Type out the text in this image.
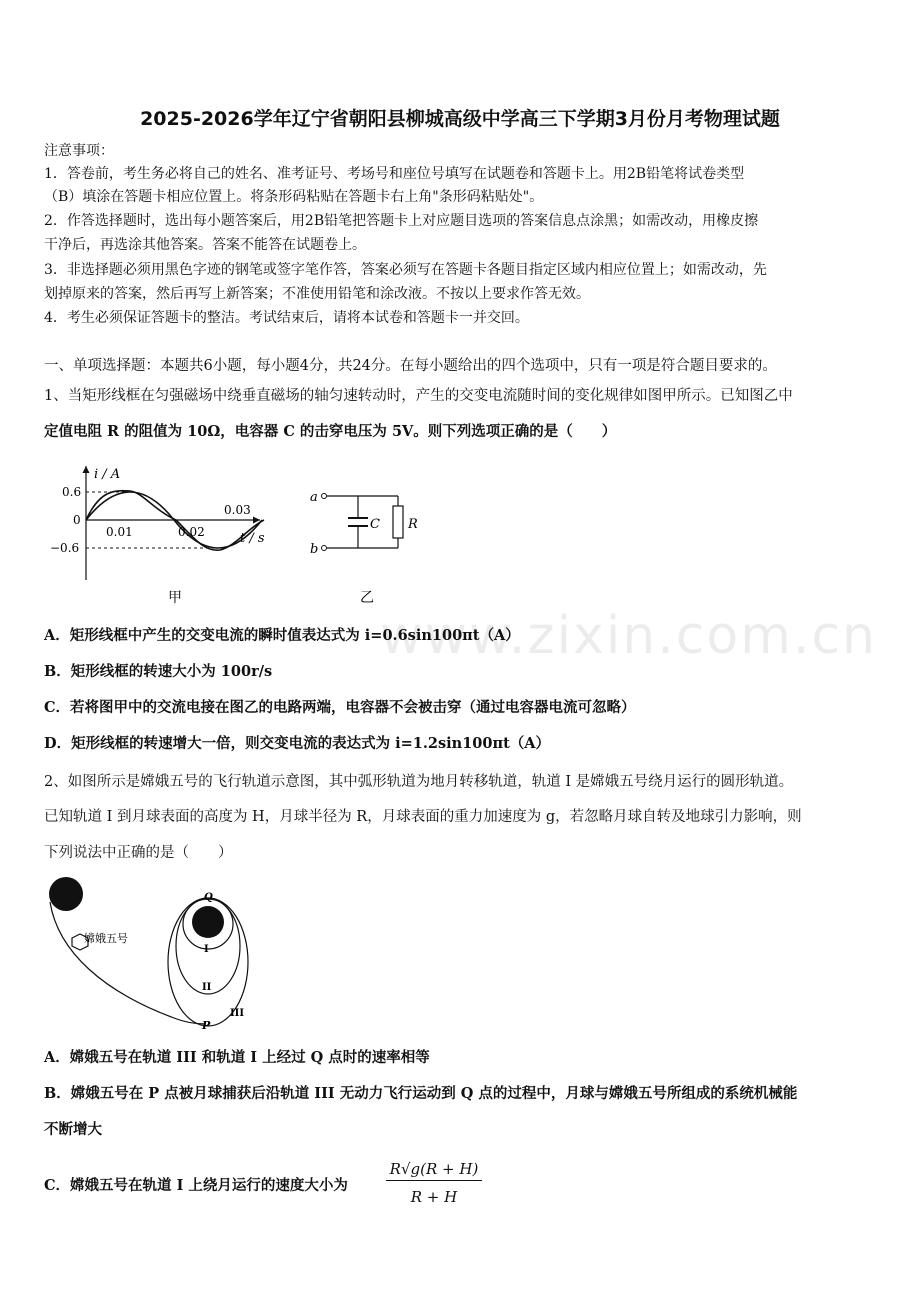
2025-2026学年辽宁省朝阳县柳城高级中学高三下学期3月份月考物理试题
注意事项：
1．答卷前，考生务必将自己的姓名、准考证号、考场号和座位号填写在试题卷和答题卡上。用2B铅笔将试卷类型
（B）填涂在答题卡相应位置上。将条形码粘贴在答题卡右上角"条形码粘贴处"。
2．作答选择题时，选出每小题答案后，用2B铅笔把答题卡上对应题目选项的答案信息点涂黑；如需改动，用橡皮擦
干净后，再选涂其他答案。答案不能答在试题卷上。
3．非选择题必须用黑色字迹的钢笔或签字笔作答，答案必须写在答题卡各题目指定区域内相应位置上；如需改动，先
划掉原来的答案，然后再写上新答案；不准使用铅笔和涂改液。不按以上要求作答无效。
4．考生必须保证答题卡的整洁。考试结束后，请将本试卷和答题卡一并交回。
一、单项选择题：本题共6小题，每小题4分，共24分。在每小题给出的四个选项中，只有一项是符合题目要求的。
1、当矩形线框在匀强磁场中绕垂直磁场的轴匀速转动时，产生的交变电流随时间的变化规律如图甲所示。已知图乙中
定值电阻 R 的阻值为 10Ω，电容器 C 的击穿电压为 5V。则下列选项正确的是（　　）
i / A
0.6
0
−0.6
0.01	0.02
0.03
t / s
甲
a
b
C R
乙
www.zixin.com.cn
A．矩形线框中产生的交变电流的瞬时值表达式为 i=0.6sin100πt（A）
B．矩形线框的转速大小为 100r/s
C．若将图甲中的交流电接在图乙的电路两端，电容器不会被击穿（通过电容器电流可忽略）
D．矩形线框的转速增大一倍，则交变电流的表达式为 i=1.2sin100πt（A）
2、如图所示是嫦娥五号的飞行轨道示意图，其中弧形轨道为地月转移轨道，轨道 I 是嫦娥五号绕月运行的圆形轨道。
已知轨道 I 到月球表面的高度为 H，月球半径为 R，月球表面的重力加速度为 g，若忽略月球自转及地球引力影响，则
下列说法中正确的是（　　）
嫦娥五号
Q
I
II
III
P
A．嫦娥五号在轨道 III 和轨道 I 上经过 Q 点时的速率相等
B．嫦娥五号在 P 点被月球捕获后沿轨道 III 无动力飞行运动到 Q 点的过程中，月球与嫦娥五号所组成的系统机械能
不断增大
C．嫦娥五号在轨道 I 上绕月运行的速度大小为
R√g(R + H)
R + H
